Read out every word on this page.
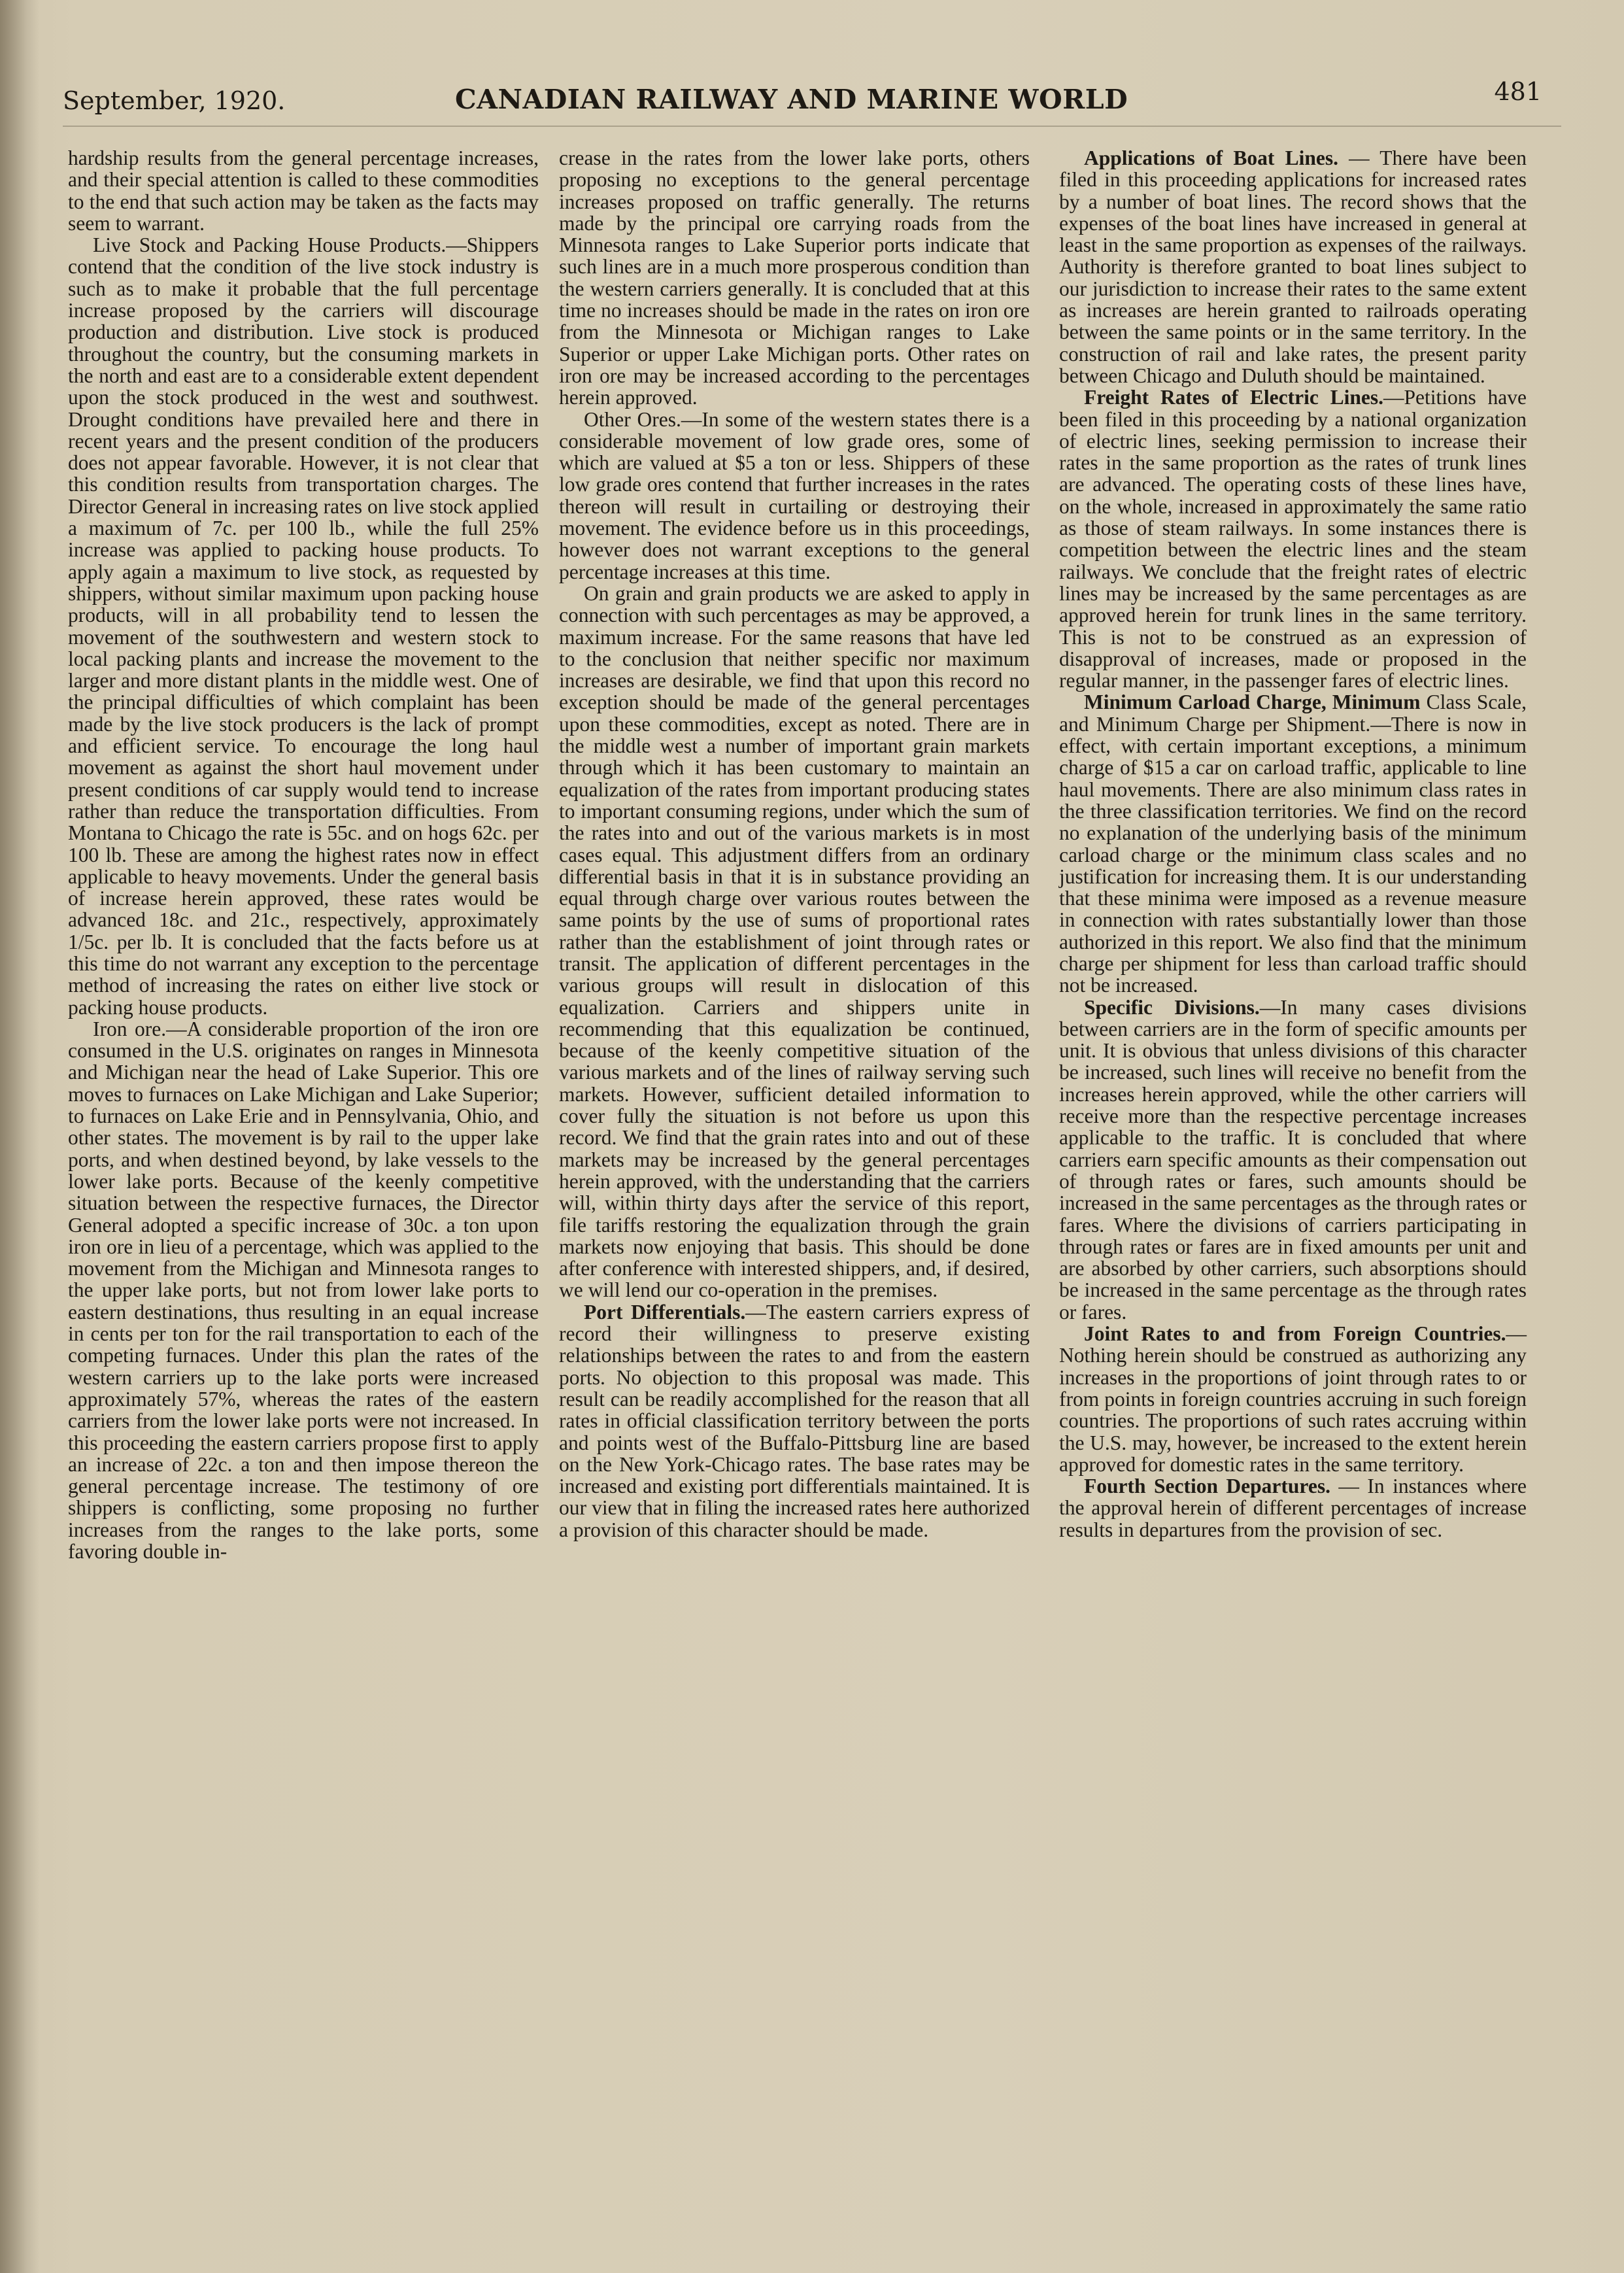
September, 1920.	CANADIAN RAILWAY AND MARINE WORLD	481

hardship results from the general percentage increases, and their special attention is called to these commodities to the end that such action may be taken as the facts may seem to warrant.

Live Stock and Packing House Products.—Shippers contend that the condition of the live stock industry is such as to make it probable that the full percentage increase proposed by the carriers will discourage production and distribution. Live stock is produced throughout the country, but the consuming markets in the north and east are to a considerable extent dependent upon the stock produced in the west and southwest. Drought conditions have prevailed here and there in recent years and the present condition of the producers does not appear favorable. However, it is not clear that this condition results from transportation charges. The Director General in increasing rates on live stock applied a maximum of 7c. per 100 lb., while the full 25% increase was applied to packing house products. To apply again a maximum to live stock, as requested by shippers, without similar maximum upon packing house products, will in all probability tend to lessen the movement of the southwestern and western stock to local packing plants and increase the movement to the larger and more distant plants in the middle west. One of the principal difficulties of which complaint has been made by the live stock producers is the lack of prompt and efficient service. To encourage the long haul movement as against the short haul movement under present conditions of car supply would tend to increase rather than reduce the transportation difficulties. From Montana to Chicago the rate is 55c. and on hogs 62c. per 100 lb. These are among the highest rates now in effect applicable to heavy movements. Under the general basis of increase herein approved, these rates would be advanced 18c. and 21c., respectively, approximately 1/5c. per lb. It is concluded that the facts before us at this time do not warrant any exception to the percentage method of increasing the rates on either live stock or packing house products.

Iron ore.—A considerable proportion of the iron ore consumed in the U.S. originates on ranges in Minnesota and Michigan near the head of Lake Superior. This ore moves to furnaces on Lake Michigan and Lake Superior; to furnaces on Lake Erie and in Pennsylvania, Ohio, and other states. The movement is by rail to the upper lake ports, and when destined beyond, by lake vessels to the lower lake ports. Because of the keenly competitive situation between the respective furnaces, the Director General adopted a specific increase of 30c. a ton upon iron ore in lieu of a percentage, which was applied to the movement from the Michigan and Minnesota ranges to the upper lake ports, but not from lower lake ports to eastern destinations, thus resulting in an equal increase in cents per ton for the rail transportation to each of the competing furnaces. Under this plan the rates of the western carriers up to the lake ports were increased approximately 57%, whereas the rates of the eastern carriers from the lower lake ports were not increased. In this proceeding the eastern carriers propose first to apply an increase of 22c. a ton and then impose thereon the general percentage increase. The testimony of ore shippers is conflicting, some proposing no further increases from the ranges to the lake ports, some favoring double in-

crease in the rates from the lower lake ports, others proposing no exceptions to the general percentage increases proposed on traffic generally. The returns made by the principal ore carrying roads from the Minnesota ranges to Lake Superior ports indicate that such lines are in a much more prosperous condition than the western carriers generally. It is concluded that at this time no increases should be made in the rates on iron ore from the Minnesota or Michigan ranges to Lake Superior or upper Lake Michigan ports. Other rates on iron ore may be increased according to the percentages herein approved.

Other Ores.—In some of the western states there is a considerable movement of low grade ores, some of which are valued at $5 a ton or less. Shippers of these low grade ores contend that further increases in the rates thereon will result in curtailing or destroying their movement. The evidence before us in this proceedings, however does not warrant exceptions to the general percentage increases at this time.

On grain and grain products we are asked to apply in connection with such percentages as may be approved, a maximum increase. For the same reasons that have led to the conclusion that neither specific nor maximum increases are desirable, we find that upon this record no exception should be made of the general percentages upon these commodities, except as noted. There are in the middle west a number of important grain markets through which it has been customary to maintain an equalization of the rates from important producing states to important consuming regions, under which the sum of the rates into and out of the various markets is in most cases equal. This adjustment differs from an ordinary differential basis in that it is in substance providing an equal through charge over various routes between the same points by the use of sums of proportional rates rather than the establishment of joint through rates or transit. The application of different percentages in the various groups will result in dislocation of this equalization. Carriers and shippers unite in recommending that this equalization be continued, because of the keenly competitive situation of the various markets and of the lines of railway serving such markets. However, sufficient detailed information to cover fully the situation is not before us upon this record. We find that the grain rates into and out of these markets may be increased by the general percentages herein approved, with the understanding that the carriers will, within thirty days after the service of this report, file tariffs restoring the equalization through the grain markets now enjoying that basis. This should be done after conference with interested shippers, and, if desired, we will lend our co-operation in the premises.

Port Differentials.—The eastern carriers express of record their willingness to preserve existing relationships between the rates to and from the eastern ports. No objection to this proposal was made. This result can be readily accomplished for the reason that all rates in official classification territory between the ports and points west of the Buffalo-Pittsburg line are based on the New York-Chicago rates. The base rates may be increased and existing port differentials maintained. It is our view that in filing the increased rates here authorized a provision of this character should be made.

Applications of Boat Lines. — There have been filed in this proceeding applications for increased rates by a number of boat lines. The record shows that the expenses of the boat lines have increased in general at least in the same proportion as expenses of the railways. Authority is therefore granted to boat lines subject to our jurisdiction to increase their rates to the same extent as increases are herein granted to railroads operating between the same points or in the same territory. In the construction of rail and lake rates, the present parity between Chicago and Duluth should be maintained.

Freight Rates of Electric Lines.—Petitions have been filed in this proceeding by a national organization of electric lines, seeking permission to increase their rates in the same proportion as the rates of trunk lines are advanced. The operating costs of these lines have, on the whole, increased in approximately the same ratio as those of steam railways. In some instances there is competition between the electric lines and the steam railways. We conclude that the freight rates of electric lines may be increased by the same percentages as are approved herein for trunk lines in the same territory. This is not to be construed as an expression of disapproval of increases, made or proposed in the regular manner, in the passenger fares of electric lines.

Minimum Carload Charge, Minimum Class Scale, and Minimum Charge per Shipment.—There is now in effect, with certain important exceptions, a minimum charge of $15 a car on carload traffic, applicable to line haul movements. There are also minimum class rates in the three classification territories. We find on the record no explanation of the underlying basis of the minimum carload charge or the minimum class scales and no justification for increasing them. It is our understanding that these minima were imposed as a revenue measure in connection with rates substantially lower than those authorized in this report. We also find that the minimum charge per shipment for less than carload traffic should not be increased.

Specific Divisions.—In many cases divisions between carriers are in the form of specific amounts per unit. It is obvious that unless divisions of this character be increased, such lines will receive no benefit from the increases herein approved, while the other carriers will receive more than the respective percentage increases applicable to the traffic. It is concluded that where carriers earn specific amounts as their compensation out of through rates or fares, such amounts should be increased in the same percentages as the through rates or fares. Where the divisions of carriers participating in through rates or fares are in fixed amounts per unit and are absorbed by other carriers, such absorptions should be increased in the same percentage as the through rates or fares.

Joint Rates to and from Foreign Countries.—Nothing herein should be construed as authorizing any increases in the proportions of joint through rates to or from points in foreign countries accruing in such foreign countries. The proportions of such rates accruing within the U.S. may, however, be increased to the extent herein approved for domestic rates in the same territory.

Fourth Section Departures. — In instances where the approval herein of different percentages of increase results in departures from the provision of sec.
